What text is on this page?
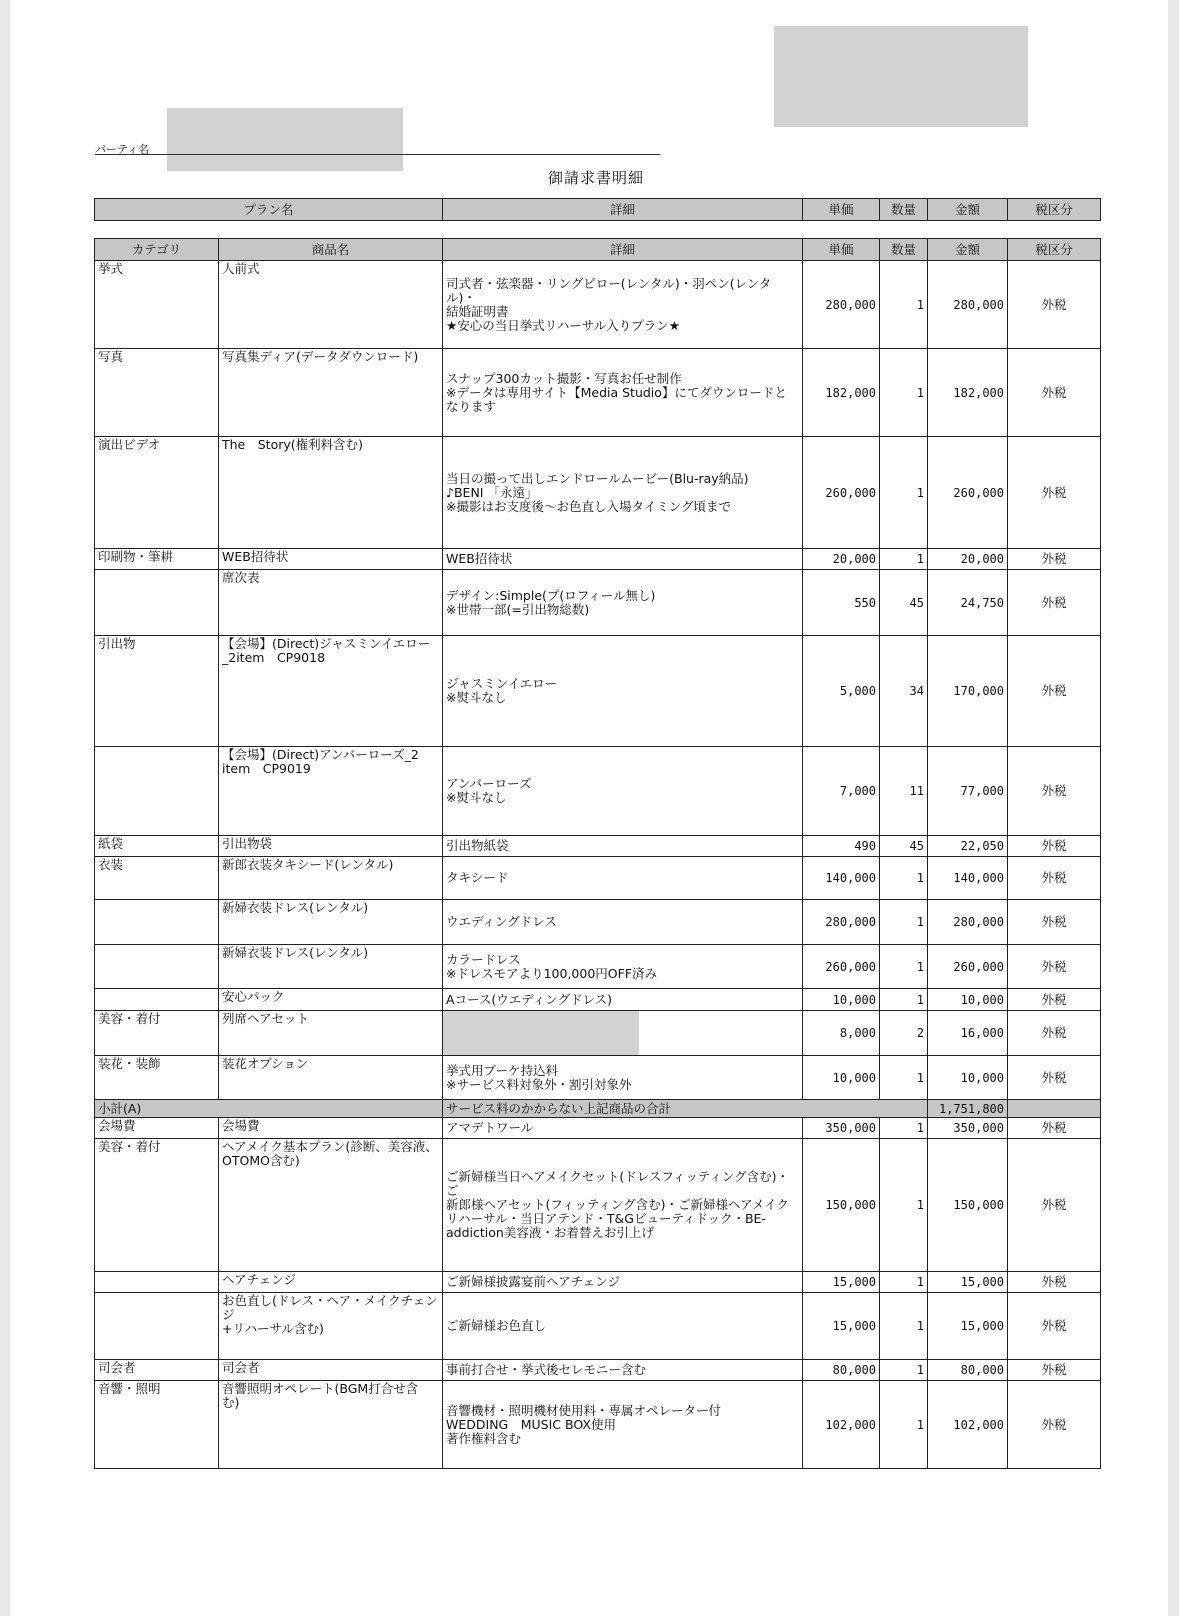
パーティ名
御請求書明細
プラン名	詳細	単価	数量	金額	税区分
カテゴリ	商品名	詳細	単価	数量	金額	税区分
挙式	人前式	司式者・弦楽器・リングピロー(レンタル)・羽ペン(レンタル)・
結婚証明書
★安心の当日挙式リハーサル入りプラン★	280,000	1	280,000	外税
写真	写真集ディア(データダウンロード)	スナップ300カット撮影・写真お任せ制作
※データは専用サイト【Media Studio】にてダウンロードと
なります	182,000	1	182,000	外税
演出ビデオ	The　Story(権利料含む)	当日の撮って出しエンドロールムービー(Blu-ray納品)
♪BENI 「永遠」
※撮影はお支度後～お色直し入場タイミング頃まで	260,000	1	260,000	外税
印刷物・筆耕	WEB招待状	WEB招待状	20,000	1	20,000	外税
	席次表	デザイン:Simple(プ(ロフィール無し)
※世帯一部(=引出物総数)	550	45	24,750	外税
引出物	【会場】(Direct)ジャスミンイエロー
_2item　CP9018	ジャスミンイエロー
※熨斗なし	5,000	34	170,000	外税
	【会場】(Direct)アンバーローズ_2
item　CP9019	アンバーローズ
※熨斗なし	7,000	11	77,000	外税
紙袋	引出物袋	引出物紙袋	490	45	22,050	外税
衣装	新郎衣装タキシード(レンタル)	タキシード	140,000	1	140,000	外税
	新婦衣装ドレス(レンタル)	ウエディングドレス	280,000	1	280,000	外税
	新婦衣装ドレス(レンタル)	カラードレス
※ドレスモアより100,000円OFF済み	260,000	1	260,000	外税
	安心パック	Aコース(ウエディングドレス)	10,000	1	10,000	外税
美容・着付	列席ヘアセット		8,000	2	16,000	外税
装花・装飾	装花オプション	挙式用ブーケ持込料
※サービス料対象外・割引対象外	10,000	1	10,000	外税
小計(A)		サービス料のかからない上記商品の合計			1,751,800	
会場費	会場費	アマデトワール	350,000	1	350,000	外税
美容・着付	ヘアメイク基本プラン(診断、美容液、
OTOMO含む)	ご新婦様当日ヘアメイクセット(ドレスフィッティング含む)・ご
新郎様ヘアセット(フィッティング含む)・ご新婦様ヘアメイク
リハーサル・当日アテンド・T&Gビューティドック・BE-
addiction美容液・お着替えお引上げ	150,000	1	150,000	外税
	ヘアチェンジ	ご新婦様披露宴前ヘアチェンジ	15,000	1	15,000	外税
	お色直し(ドレス・ヘア・メイクチェンジ
+リハーサル含む)	ご新婦様お色直し	15,000	1	15,000	外税
司会者	司会者	事前打合せ・挙式後セレモニー含む	80,000	1	80,000	外税
音響・照明	音響照明オペレート(BGM打合せ含
む)	音響機材・照明機材使用料・専属オペレーター付
WEDDING　MUSIC BOX使用
著作権料含む	102,000	1	102,000	外税
